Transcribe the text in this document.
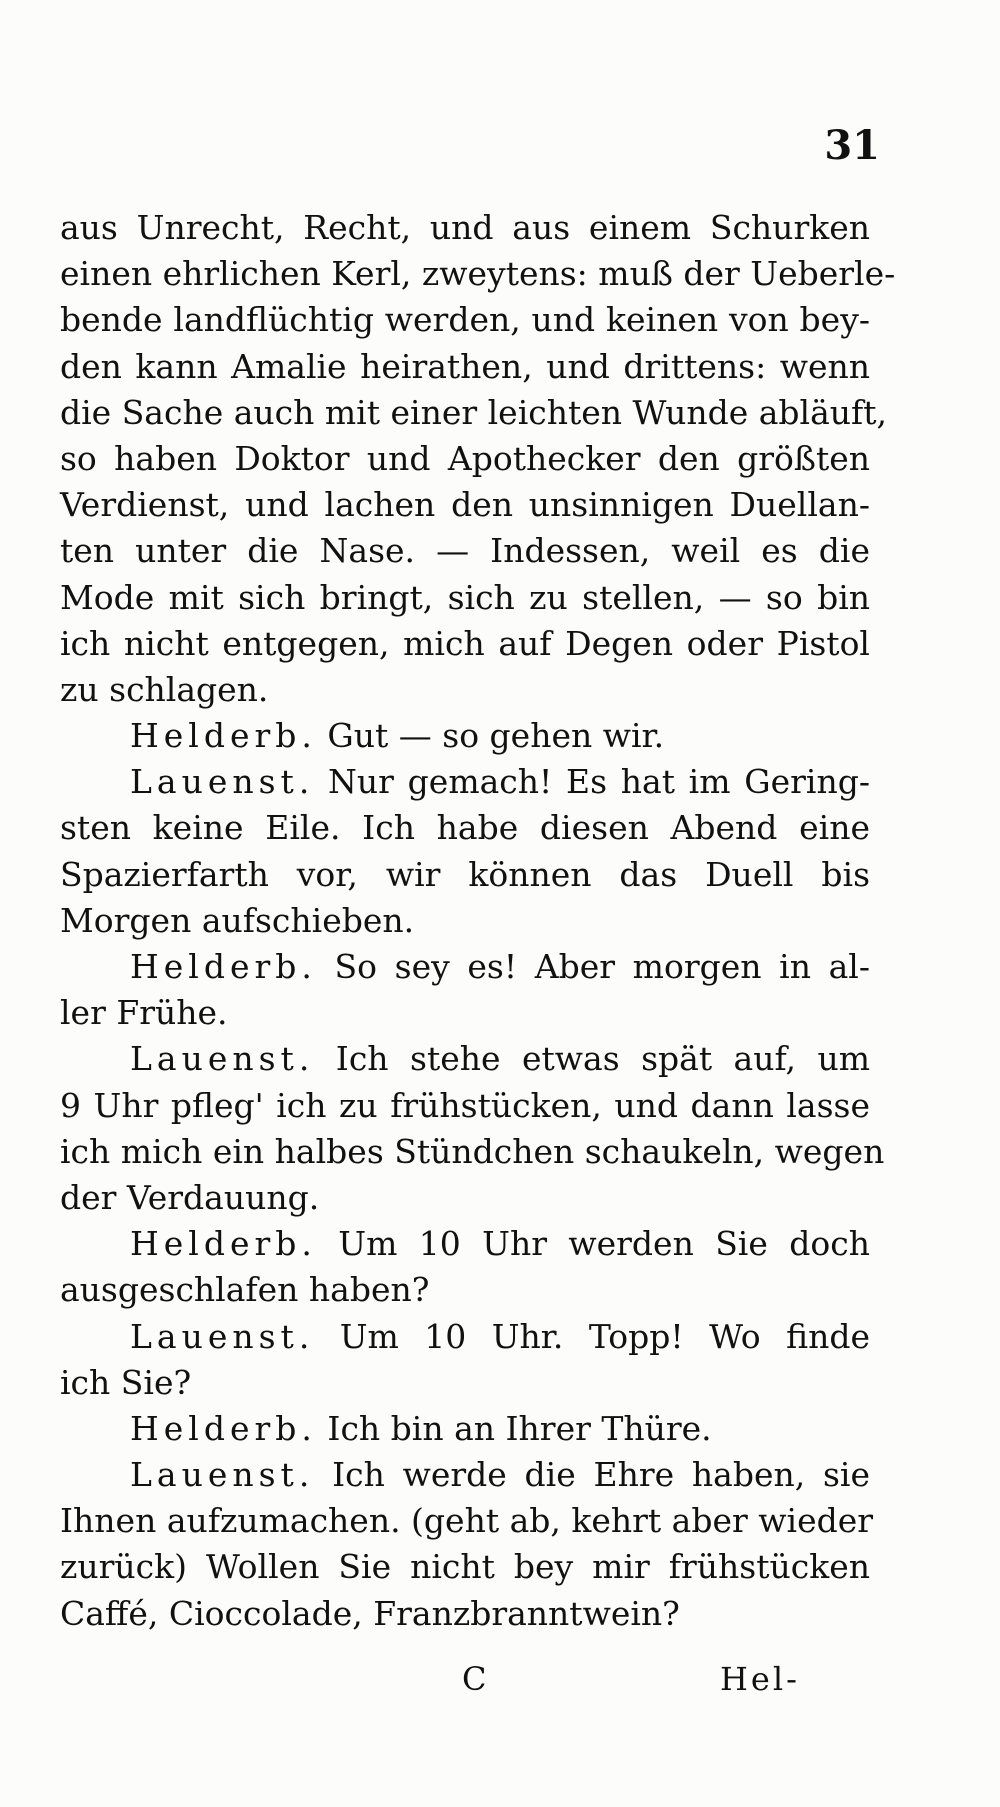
31
aus Unrecht, Recht, und aus einem Schurken
einen ehrlichen Kerl, zweytens: muß der Ueberle-
bende landflüchtig werden, und keinen von bey-
den kann Amalie heirathen, und drittens: wenn
die Sache auch mit einer leichten Wunde abläuft,
so haben Doktor und Apothecker den größten
Verdienst, und lachen den unsinnigen Duellan-
ten unter die Nase. — Indessen, weil es die
Mode mit sich bringt, sich zu stellen, — so bin
ich nicht entgegen, mich auf Degen oder Pistol
zu schlagen.
Helderb. Gut — so gehen wir.
Lauenst. Nur gemach! Es hat im Gering-
sten keine Eile. Ich habe diesen Abend eine
Spazierfarth vor, wir können das Duell bis
Morgen aufschieben.
Helderb. So sey es! Aber morgen in al-
ler Frühe.
Lauenst. Ich stehe etwas spät auf, um
9 Uhr pfleg' ich zu frühstücken, und dann lasse
ich mich ein halbes Stündchen schaukeln, wegen
der Verdauung.
Helderb. Um 10 Uhr werden Sie doch
ausgeschlafen haben?
Lauenst. Um 10 Uhr. Topp! Wo finde
ich Sie?
Helderb. Ich bin an Ihrer Thüre.
Lauenst. Ich werde die Ehre haben, sie
Ihnen aufzumachen. (geht ab, kehrt aber wieder
zurück) Wollen Sie nicht bey mir frühstücken
Caffé, Cioccolade, Franzbranntwein?
C	Hel-
